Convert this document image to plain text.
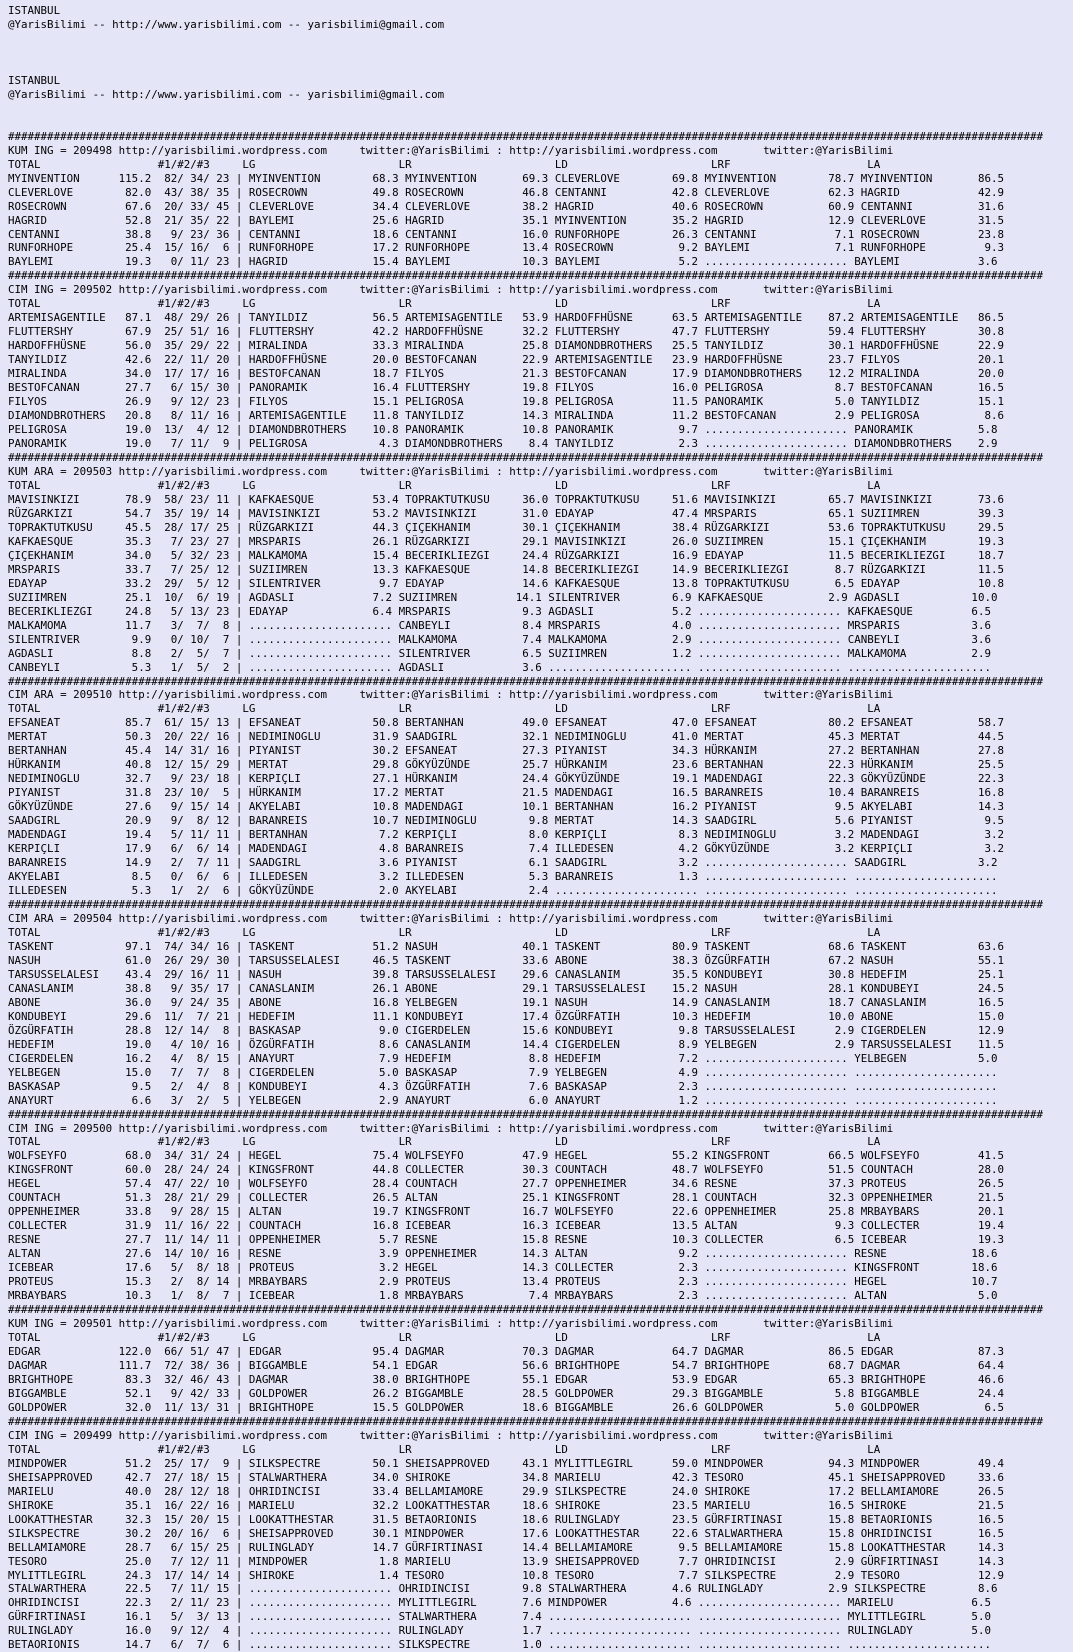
ISTANBUL
@YarisBilimi -- http://www.yarisbilimi.com -- yarisbilimi@gmail.com
ISTANBUL
@YarisBilimi -- http://www.yarisbilimi.com -- yarisbilimi@gmail.com
###############################################################################################################################################################
KUM ING = 209498 http://yarisbilimi.wordpress.com     twitter:@YarisBilimi : http://yarisbilimi.wordpress.com       twitter:@YarisBilimi
TOTAL                  #1/#2/#3     LG                      LR                      LD                      LRF                     LA
MYINVENTION      115.2  82/ 34/ 23 | MYINVENTION        68.3 MYINVENTION       69.3 CLEVERLOVE        69.8 MYINVENTION        78.7 MYINVENTION       86.5
CLEVERLOVE        82.0  43/ 38/ 35 | ROSECROWN          49.8 ROSECROWN         46.8 CENTANNI          42.8 CLEVERLOVE         62.3 HAGRID            42.9
ROSECROWN         67.6  20/ 33/ 45 | CLEVERLOVE         34.4 CLEVERLOVE        38.2 HAGRID            40.6 ROSECROWN          60.9 CENTANNI          31.6
HAGRID            52.8  21/ 35/ 22 | BAYLEMI            25.6 HAGRID            35.1 MYINVENTION       35.2 HAGRID             12.9 CLEVERLOVE        31.5
CENTANNI          38.8   9/ 23/ 36 | CENTANNI           18.6 CENTANNI          16.0 RUNFORHOPE        26.3 CENTANNI            7.1 ROSECROWN         23.8
RUNFORHOPE        25.4  15/ 16/  6 | RUNFORHOPE         17.2 RUNFORHOPE        13.4 ROSECROWN          9.2 BAYLEMI             7.1 RUNFORHOPE         9.3
BAYLEMI           19.3   0/ 11/ 23 | HAGRID             15.4 BAYLEMI           10.3 BAYLEMI            5.2 ...................... BAYLEMI            3.6
###############################################################################################################################################################
CIM ING = 209502 http://yarisbilimi.wordpress.com     twitter:@YarisBilimi : http://yarisbilimi.wordpress.com       twitter:@YarisBilimi
TOTAL                  #1/#2/#3     LG                      LR                      LD                      LRF                     LA
ARTEMISAGENTILE   87.1  48/ 29/ 26 | TANYILDIZ          56.5 ARTEMISAGENTILE   53.9 HARDOFFHÜSNE      63.5 ARTEMISAGENTILE    87.2 ARTEMISAGENTILE   86.5
FLUTTERSHY        67.9  25/ 51/ 16 | FLUTTERSHY         42.2 HARDOFFHÜSNE      32.2 FLUTTERSHY        47.7 FLUTTERSHY         59.4 FLUTTERSHY        30.8
HARDOFFHÜSNE      56.0  35/ 29/ 22 | MIRALINDA          33.3 MIRALINDA         25.8 DIAMONDBROTHERS   25.5 TANYILDIZ          30.1 HARDOFFHÜSNE      22.9
TANYILDIZ         42.6  22/ 11/ 20 | HARDOFFHÜSNE       20.0 BESTOFCANAN       22.9 ARTEMISAGENTILE   23.9 HARDOFFHÜSNE       23.7 FILYOS            20.1
MIRALINDA         34.0  17/ 17/ 16 | BESTOFCANAN        18.7 FILYOS            21.3 BESTOFCANAN       17.9 DIAMONDBROTHERS    12.2 MIRALINDA         20.0
BESTOFCANAN       27.7   6/ 15/ 30 | PANORAMIK          16.4 FLUTTERSHY        19.8 FILYOS            16.0 PELIGROSA           8.7 BESTOFCANAN       16.5
FILYOS            26.9   9/ 12/ 23 | FILYOS             15.1 PELIGROSA         19.8 PELIGROSA         11.5 PANORAMIK           5.0 TANYILDIZ         15.1
DIAMONDBROTHERS   20.8   8/ 11/ 16 | ARTEMISAGENTILE    11.8 TANYILDIZ         14.3 MIRALINDA         11.2 BESTOFCANAN         2.9 PELIGROSA          8.6
PELIGROSA         19.0  13/  4/ 12 | DIAMONDBROTHERS    10.8 PANORAMIK         10.8 PANORAMIK          9.7 ...................... PANORAMIK          5.8
PANORAMIK         19.0   7/ 11/  9 | PELIGROSA           4.3 DIAMONDBROTHERS    8.4 TANYILDIZ          2.3 ...................... DIAMONDBROTHERS    2.9
###############################################################################################################################################################
KUM ARA = 209503 http://yarisbilimi.wordpress.com     twitter:@YarisBilimi : http://yarisbilimi.wordpress.com       twitter:@YarisBilimi
TOTAL                  #1/#2/#3     LG                      LR                      LD                      LRF                     LA
MAVISINKIZI       78.9  58/ 23/ 11 | KAFKAESQUE         53.4 TOPRAKTUTKUSU     36.0 TOPRAKTUTKUSU     51.6 MAVISINKIZI        65.7 MAVISINKIZI       73.6
RÜZGARKIZI        54.7  35/ 19/ 14 | MAVISINKIZI        53.2 MAVISINKIZI       31.0 EDAYAP            47.4 MRSPARIS           65.1 SUZIIMREN         39.3
TOPRAKTUTKUSU     45.5  28/ 17/ 25 | RÜZGARKIZI         44.3 ÇIÇEKHANIM        30.1 ÇIÇEKHANIM        38.4 RÜZGARKIZI         53.6 TOPRAKTUTKUSU     29.5
KAFKAESQUE        35.3   7/ 23/ 27 | MRSPARIS           26.1 RÜZGARKIZI        29.1 MAVISINKIZI       26.0 SUZIIMREN          15.1 ÇIÇEKHANIM        19.3
ÇIÇEKHANIM        34.0   5/ 32/ 23 | MALKAMOMA          15.4 BECERIKLIEZGI     24.4 RÜZGARKIZI        16.9 EDAYAP             11.5 BECERIKLIEZGI     18.7
MRSPARIS          33.7   7/ 25/ 12 | SUZIIMREN          13.3 KAFKAESQUE        14.8 BECERIKLIEZGI     14.9 BECERIKLIEZGI       8.7 RÜZGARKIZI        11.5
EDAYAP            33.2  29/  5/ 12 | SILENTRIVER         9.7 EDAYAP            14.6 KAFKAESQUE        13.8 TOPRAKTUTKUSU       6.5 EDAYAP            10.8
SUZIIMREN         25.1  10/  6/ 19 | AGDASLI            7.2 SUZIIMREN         14.1 SILENTRIVER        6.9 KAFKAESQUE          2.9 AGDASLI           10.0
BECERIKLIEZGI     24.8   5/ 13/ 23 | EDAYAP             6.4 MRSPARIS           9.3 AGDASLI            5.2 ...................... KAFKAESQUE         6.5
MALKAMOMA         11.7   3/  7/  8 | ...................... CANBEYLI           8.4 MRSPARIS           4.0 ...................... MRSPARIS           3.6
SILENTRIVER        9.9   0/ 10/  7 | ...................... MALKAMOMA          7.4 MALKAMOMA          2.9 ...................... CANBEYLI           3.6
AGDASLI            8.8   2/  5/  7 | ...................... SILENTRIVER        6.5 SUZIIMREN          1.2 ...................... MALKAMOMA          2.9
CANBEYLI           5.3   1/  5/  2 | ...................... AGDASLI            3.6 ...................... ...................... ......................
###############################################################################################################################################################
CIM ARA = 209510 http://yarisbilimi.wordpress.com     twitter:@YarisBilimi : http://yarisbilimi.wordpress.com       twitter:@YarisBilimi
TOTAL                  #1/#2/#3     LG                      LR                      LD                      LRF                     LA
EFSANEAT          85.7  61/ 15/ 13 | EFSANEAT           50.8 BERTANHAN         49.0 EFSANEAT          47.0 EFSANEAT           80.2 EFSANEAT          58.7
MERTAT            50.3  20/ 22/ 16 | NEDIMINOGLU        31.9 SAADGIRL          32.1 NEDIMINOGLU       41.0 MERTAT             45.3 MERTAT            44.5
BERTANHAN         45.4  14/ 31/ 16 | PIYANIST           30.2 EFSANEAT          27.3 PIYANIST          34.3 HÜRKANIM           27.2 BERTANHAN         27.8
HÜRKANIM          40.8  12/ 15/ 29 | MERTAT             29.8 GÖKYÜZÜNDE        25.7 HÜRKANIM          23.6 BERTANHAN          22.3 HÜRKANIM          25.5
NEDIMINOGLU       32.7   9/ 23/ 18 | KERPIÇLI           27.1 HÜRKANIM          24.4 GÖKYÜZÜNDE        19.1 MADENDAGI          22.3 GÖKYÜZÜNDE        22.3
PIYANIST          31.8  23/ 10/  5 | HÜRKANIM           17.2 MERTAT            21.5 MADENDAGI         16.5 BARANREIS          10.4 BARANREIS         16.8
GÖKYÜZÜNDE        27.6   9/ 15/ 14 | AKYELABI           10.8 MADENDAGI         10.1 BERTANHAN         16.2 PIYANIST            9.5 AKYELABI          14.3
SAADGIRL          20.9   9/  8/ 12 | BARANREIS          10.7 NEDIMINOGLU        9.8 MERTAT            14.3 SAADGIRL            5.6 PIYANIST           9.5
MADENDAGI         19.4   5/ 11/ 11 | BERTANHAN           7.2 KERPIÇLI           8.0 KERPIÇLI           8.3 NEDIMINOGLU         3.2 MADENDAGI          3.2
KERPIÇLI          17.9   6/  6/ 14 | MADENDAGI           4.8 BARANREIS          7.4 ILLEDESEN          4.2 GÖKYÜZÜNDE          3.2 KERPIÇLI           3.2
BARANREIS         14.9   2/  7/ 11 | SAADGIRL            3.6 PIYANIST           6.1 SAADGIRL           3.2 ...................... SAADGIRL           3.2
AKYELABI           8.5   0/  6/  6 | ILLEDESEN           3.2 ILLEDESEN          5.3 BARANREIS          1.3 ...................... ......................
ILLEDESEN          5.3   1/  2/  6 | GÖKYÜZÜNDE          2.0 AKYELABI           2.4 ...................... ...................... ......................
###############################################################################################################################################################
CIM ARA = 209504 http://yarisbilimi.wordpress.com     twitter:@YarisBilimi : http://yarisbilimi.wordpress.com       twitter:@YarisBilimi
TOTAL                  #1/#2/#3     LG                      LR                      LD                      LRF                     LA
TASKENT           97.1  74/ 34/ 16 | TASKENT            51.2 NASUH             40.1 TASKENT           80.9 TASKENT            68.6 TASKENT           63.6
NASUH             61.0  26/ 29/ 30 | TARSUSSELALESI     46.5 TASKENT           33.6 ABONE             38.3 ÖZGÜRFATIH         67.2 NASUH             55.1
TARSUSSELALESI    43.4  29/ 16/ 11 | NASUH              39.8 TARSUSSELALESI    29.6 CANASLANIM        35.5 KONDUBEYI          30.8 HEDEFIM           25.1
CANASLANIM        38.8   9/ 35/ 17 | CANASLANIM         26.1 ABONE             29.1 TARSUSSELALESI    15.2 NASUH              28.1 KONDUBEYI         24.5
ABONE             36.0   9/ 24/ 35 | ABONE              16.8 YELBEGEN          19.1 NASUH             14.9 CANASLANIM         18.7 CANASLANIM        16.5
KONDUBEYI         29.6  11/  7/ 21 | HEDEFIM            11.1 KONDUBEYI         17.4 ÖZGÜRFATIH        10.3 HEDEFIM            10.0 ABONE             15.0
ÖZGÜRFATIH        28.8  12/ 14/  8 | BASKASAP            9.0 CIGERDELEN        15.6 KONDUBEYI          9.8 TARSUSSELALESI      2.9 CIGERDELEN        12.9
HEDEFIM           19.0   4/ 10/ 16 | ÖZGÜRFATIH          8.6 CANASLANIM        14.4 CIGERDELEN         8.9 YELBEGEN            2.9 TARSUSSELALESI    11.5
CIGERDELEN        16.2   4/  8/ 15 | ANAYURT             7.9 HEDEFIM            8.8 HEDEFIM            7.2 ...................... YELBEGEN           5.0
YELBEGEN          15.0   7/  7/  8 | CIGERDELEN          5.0 BASKASAP           7.9 YELBEGEN           4.9 ...................... ......................
BASKASAP           9.5   2/  4/  8 | KONDUBEYI           4.3 ÖZGÜRFATIH         7.6 BASKASAP           2.3 ...................... ......................
ANAYURT            6.6   3/  2/  5 | YELBEGEN            2.9 ANAYURT            6.0 ANAYURT            1.2 ...................... ......................
###############################################################################################################################################################
CIM ING = 209500 http://yarisbilimi.wordpress.com     twitter:@YarisBilimi : http://yarisbilimi.wordpress.com       twitter:@YarisBilimi
TOTAL                  #1/#2/#3     LG                      LR                      LD                      LRF                     LA
WOLFSEYFO         68.0  34/ 31/ 24 | HEGEL              75.4 WOLFSEYFO         47.9 HEGEL             55.2 KINGSFRONT         66.5 WOLFSEYFO         41.5
KINGSFRONT        60.0  28/ 24/ 24 | KINGSFRONT         44.8 COLLECTER         30.3 COUNTACH          48.7 WOLFSEYFO          51.5 COUNTACH          28.0
HEGEL             57.4  47/ 22/ 10 | WOLFSEYFO          28.4 COUNTACH          27.7 OPPENHEIMER       34.6 RESNE              37.3 PROTEUS           26.5
COUNTACH          51.3  28/ 21/ 29 | COLLECTER          26.5 ALTAN             25.1 KINGSFRONT        28.1 COUNTACH           32.3 OPPENHEIMER       21.5
OPPENHEIMER       33.8   9/ 28/ 15 | ALTAN              19.7 KINGSFRONT        16.7 WOLFSEYFO         22.6 OPPENHEIMER        25.8 MRBAYBARS         20.1
COLLECTER         31.9  11/ 16/ 22 | COUNTACH           16.8 ICEBEAR           16.3 ICEBEAR           13.5 ALTAN               9.3 COLLECTER         19.4
RESNE             27.7  11/ 14/ 11 | OPPENHEIMER         5.7 RESNE             15.8 RESNE             10.3 COLLECTER           6.5 ICEBEAR           19.3
ALTAN             27.6  14/ 10/ 16 | RESNE               3.9 OPPENHEIMER       14.3 ALTAN              9.2 ...................... RESNE             18.6
ICEBEAR           17.6   5/  8/ 18 | PROTEUS             3.2 HEGEL             14.3 COLLECTER          2.3 ...................... KINGSFRONT        18.6
PROTEUS           15.3   2/  8/ 14 | MRBAYBARS           2.9 PROTEUS           13.4 PROTEUS            2.3 ...................... HEGEL             10.7
MRBAYBARS         10.3   1/  8/  7 | ICEBEAR             1.8 MRBAYBARS          7.4 MRBAYBARS          2.3 ...................... ALTAN              5.0
###############################################################################################################################################################
KUM ING = 209501 http://yarisbilimi.wordpress.com     twitter:@YarisBilimi : http://yarisbilimi.wordpress.com       twitter:@YarisBilimi
TOTAL                  #1/#2/#3     LG                      LR                      LD                      LRF                     LA
EDGAR            122.0  66/ 51/ 47 | EDGAR              95.4 DAGMAR            70.3 DAGMAR            64.7 DAGMAR             86.5 EDGAR             87.3
DAGMAR           111.7  72/ 38/ 36 | BIGGAMBLE          54.1 EDGAR             56.6 BRIGHTHOPE        54.7 BRIGHTHOPE         68.7 DAGMAR            64.4
BRIGHTHOPE        83.3  32/ 46/ 43 | DAGMAR             38.0 BRIGHTHOPE        55.1 EDGAR             53.9 EDGAR              65.3 BRIGHTHOPE        46.6
BIGGAMBLE         52.1   9/ 42/ 33 | GOLDPOWER          26.2 BIGGAMBLE         28.5 GOLDPOWER         29.3 BIGGAMBLE           5.8 BIGGAMBLE         24.4
GOLDPOWER         32.0  11/ 13/ 31 | BRIGHTHOPE         15.5 GOLDPOWER         18.6 BIGGAMBLE         26.6 GOLDPOWER           5.0 GOLDPOWER          6.5
###############################################################################################################################################################
CIM ING = 209499 http://yarisbilimi.wordpress.com     twitter:@YarisBilimi : http://yarisbilimi.wordpress.com       twitter:@YarisBilimi
TOTAL                  #1/#2/#3     LG                      LR                      LD                      LRF                     LA
MINDPOWER         51.2  25/ 17/  9 | SILKSPECTRE        50.1 SHEISAPPROVED     43.1 MYLITTLEGIRL      59.0 MINDPOWER          94.3 MINDPOWER         49.4
SHEISAPPROVED     42.7  27/ 18/ 15 | STALWARTHERA       34.0 SHIROKE           34.8 MARIELU           42.3 TESORO             45.1 SHEISAPPROVED     33.6
MARIELU           40.0  28/ 12/ 18 | OHRIDINCISI        33.4 BELLAMIAMORE      29.9 SILKSPECTRE       24.0 SHIROKE            17.2 BELLAMIAMORE      26.5
SHIROKE           35.1  16/ 22/ 16 | MARIELU            32.2 LOOKATTHESTAR     18.6 SHIROKE           23.5 MARIELU            16.5 SHIROKE           21.5
LOOKATTHESTAR     32.3  15/ 20/ 15 | LOOKATTHESTAR      31.5 BETAORIONIS       18.6 RULINGLADY        23.5 GÜRFIRTINASI       15.8 BETAORIONIS       16.5
SILKSPECTRE       30.2  20/ 16/  6 | SHEISAPPROVED      30.1 MINDPOWER         17.6 LOOKATTHESTAR     22.6 STALWARTHERA       15.8 OHRIDINCISI       16.5
BELLAMIAMORE      28.7   6/ 15/ 25 | RULINGLADY         14.7 GÜRFIRTINASI      14.4 BELLAMIAMORE       9.5 BELLAMIAMORE       15.8 LOOKATTHESTAR     14.3
TESORO            25.0   7/ 12/ 11 | MINDPOWER           1.8 MARIELU           13.9 SHEISAPPROVED      7.7 OHRIDINCISI         2.9 GÜRFIRTINASI      14.3
MYLITTLEGIRL      24.3  17/ 14/ 14 | SHIROKE             1.4 TESORO            10.8 TESORO             7.7 SILKSPECTRE         2.9 TESORO            12.9
STALWARTHERA      22.5   7/ 11/ 15 | ...................... OHRIDINCISI        9.8 STALWARTHERA       4.6 RULINGLADY          2.9 SILKSPECTRE        8.6
OHRIDINCISI       22.3   2/ 11/ 23 | ...................... MYLITTLEGIRL       7.6 MINDPOWER          4.6 ...................... MARIELU            6.5
GÜRFIRTINASI      16.1   5/  3/ 13 | ...................... STALWARTHERA       7.4 ...................... ...................... MYLITTLEGIRL       5.0
RULINGLADY        16.0   9/ 12/  4 | ...................... RULINGLADY         1.7 ...................... ...................... RULINGLADY         5.0
BETAORIONIS       14.7   6/  7/  6 | ...................... SILKSPECTRE        1.0 ...................... ...................... ......................
